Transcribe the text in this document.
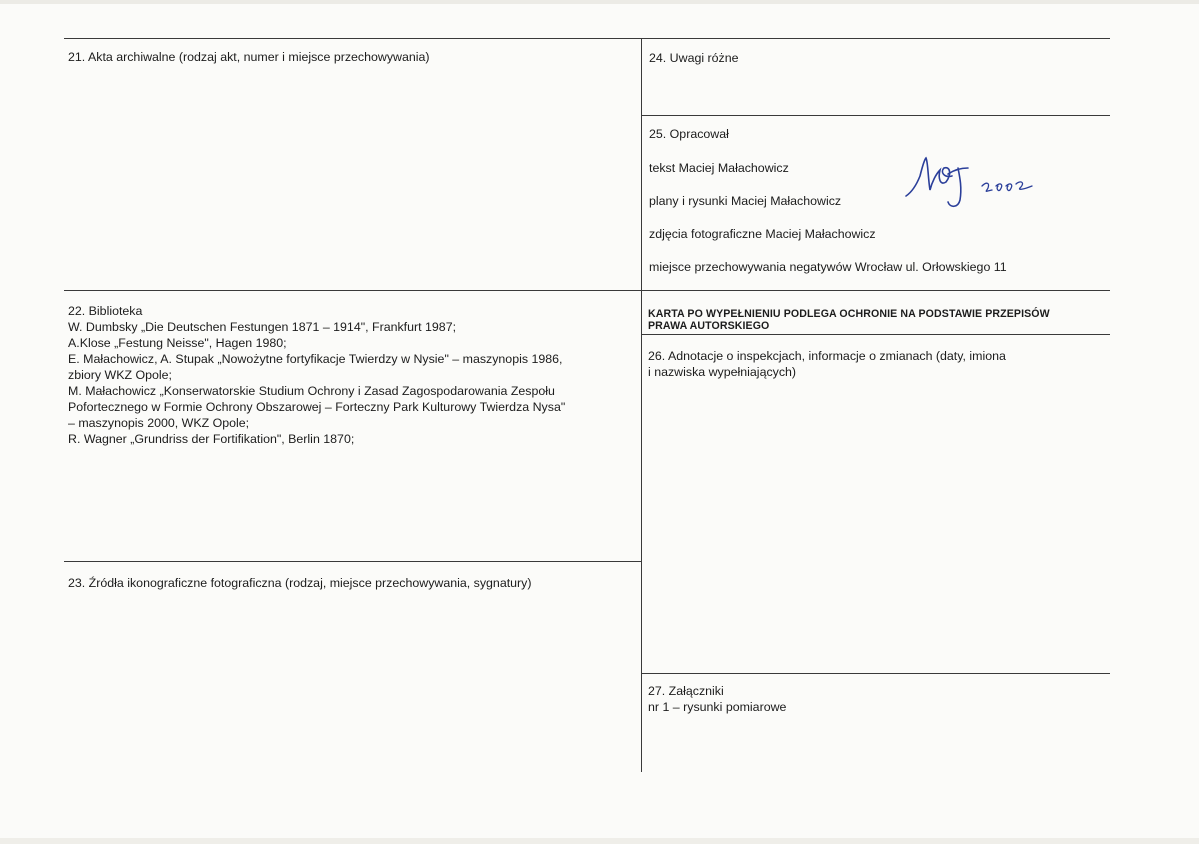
21. Akta archiwalne (rodzaj akt, numer i miejsce przechowywania)	24. Uwagi różne
25. Opracował
tekst Maciej Małachowicz
plany i rysunki Maciej Małachowicz
zdjęcia fotograficzne Maciej Małachowicz
miejsce przechowywania negatywów Wrocław ul. Orłowskiego 11
KARTA PO WYPEŁNIENIU PODLEGA OCHRONIE NA PODSTAWIE PRZEPISÓW
PRAWA AUTORSKIEGO
22. Biblioteka
W. Dumbsky „Die Deutschen Festungen 1871 – 1914", Frankfurt 1987;
A.Klose „Festung Neisse", Hagen 1980;
E. Małachowicz, A. Stupak „Nowożytne fortyfikacje Twierdzy w Nysie" – maszynopis 1986,
zbiory WKZ Opole;
M. Małachowicz „Konserwatorskie Studium Ochrony i Zasad Zagospodarowania Zespołu
Pofortecznego w Formie Ochrony Obszarowej – Forteczny Park Kulturowy Twierdza Nysa"
– maszynopis 2000, WKZ Opole;
R. Wagner „Grundriss der Fortifikation", Berlin 1870;
26. Adnotacje o inspekcjach, informacje o zmianach (daty, imiona
i nazwiska wypełniających)
23. Źródła ikonograficzne fotograficzna (rodzaj, miejsce przechowywania, sygnatury)
27. Załączniki
nr 1 – rysunki pomiarowe
